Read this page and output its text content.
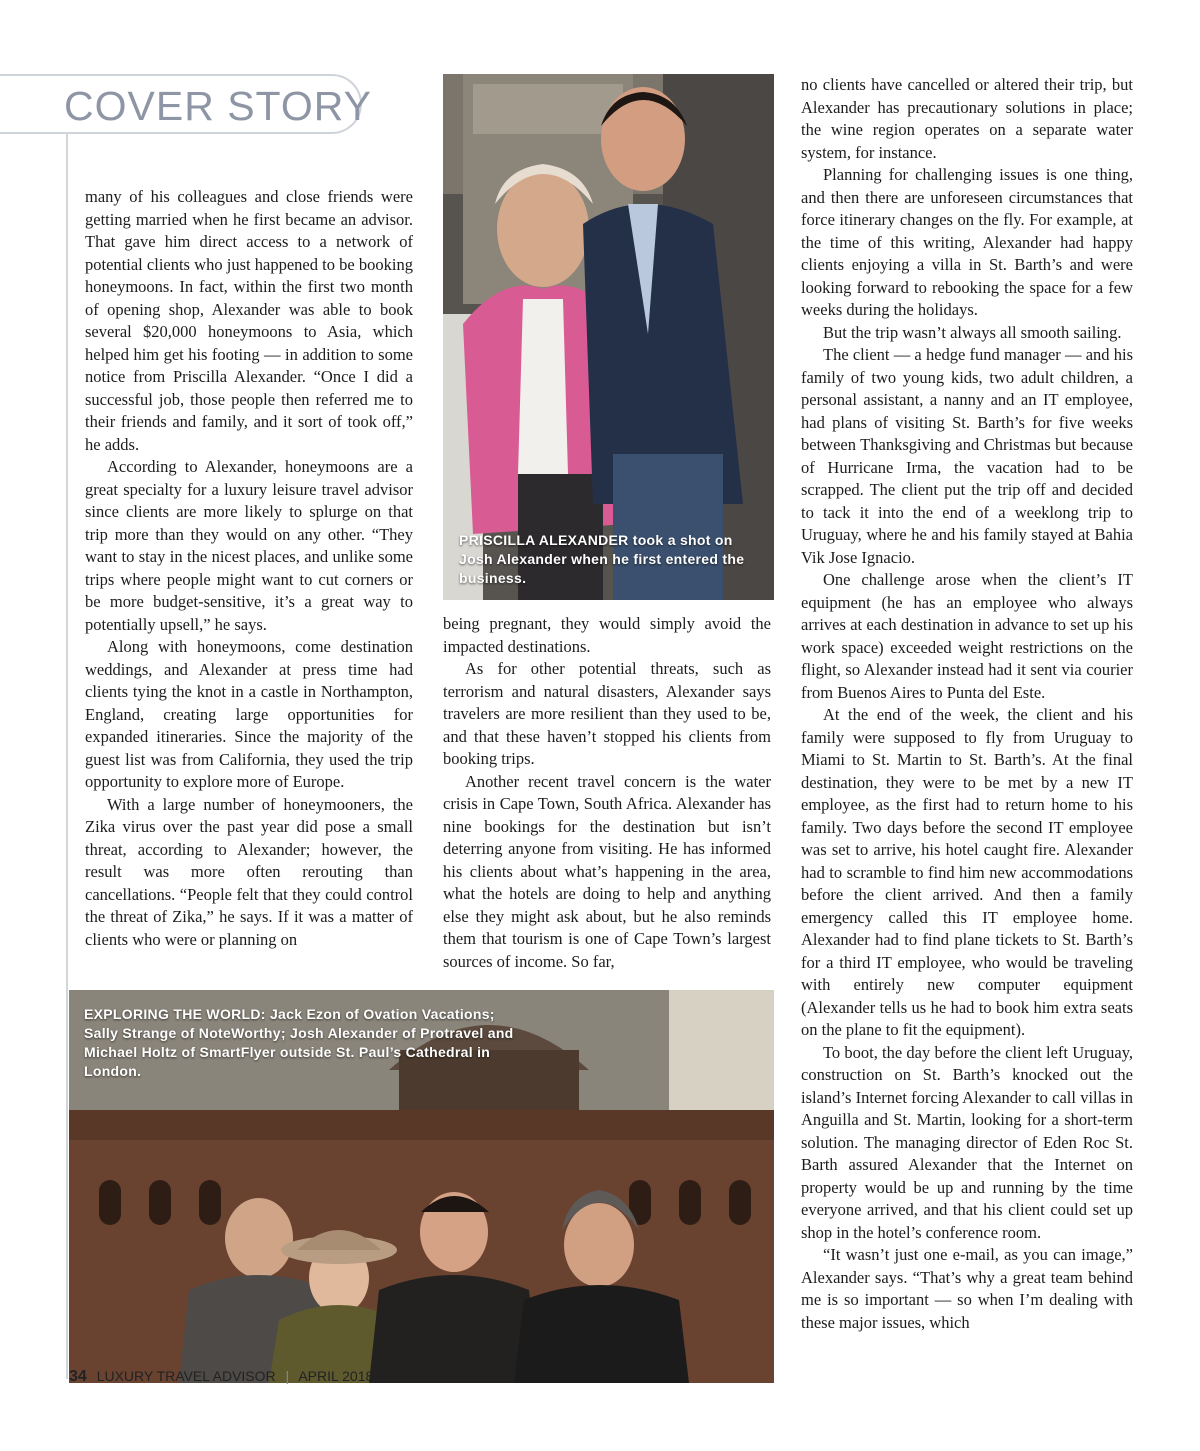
COVER STORY

many of his colleagues and close friends were getting married when he first became an advisor. That gave him direct access to a network of potential clients who just happened to be booking honeymoons. In fact, within the first two month of opening shop, Alexander was able to book several $20,000 honeymoons to Asia, which helped him get his footing — in addition to some notice from Priscilla Alexander. “Once I did a successful job, those people then referred me to their friends and family, and it sort of took off,” he adds.

According to Alexander, honeymoons are a great specialty for a luxury leisure travel advisor since clients are more likely to splurge on that trip more than they would on any other. “They want to stay in the nicest places, and unlike some trips where people might want to cut corners or be more budget-sensitive, it’s a great way to potentially upsell,” he says.

Along with honeymoons, come destination weddings, and Alexander at press time had clients tying the knot in a castle in Northampton, England, creating large opportunities for expanded itineraries. Since the majority of the guest list was from California, they used the trip opportunity to explore more of Europe.

With a large number of honeymooners, the Zika virus over the past year did pose a small threat, according to Alexander; however, the result was more often rerouting than cancellations. “People felt that they could control the threat of Zika,” he says. If it was a matter of clients who were or planning on

PRISCILLA ALEXANDER took a shot on Josh Alexander when he first entered the business.

being pregnant, they would simply avoid the impacted destinations.

As for other potential threats, such as terrorism and natural disasters, Alexander says travelers are more resilient than they used to be, and that these haven’t stopped his clients from booking trips.

Another recent travel concern is the water crisis in Cape Town, South Africa. Alexander has nine bookings for the destination but isn’t deterring anyone from visiting. He has informed his clients about what’s happening in the area, what the hotels are doing to help and anything else they might ask about, but he also reminds them that tourism is one of Cape Town’s largest sources of income. So far,

no clients have cancelled or altered their trip, but Alexander has precautionary solutions in place; the wine region operates on a separate water system, for instance.

Planning for challenging issues is one thing, and then there are unforeseen circumstances that force itinerary changes on the fly. For example, at the time of this writing, Alexander had happy clients enjoying a villa in St. Barth’s and were looking forward to rebooking the space for a few weeks during the holidays.

But the trip wasn’t always all smooth sailing.

The client — a hedge fund manager — and his family of two young kids, two adult children, a personal assistant, a nanny and an IT employee, had plans of visiting St. Barth’s for five weeks between Thanksgiving and Christmas but because of Hurricane Irma, the vacation had to be scrapped. The client put the trip off and decided to tack it into the end of a weeklong trip to Uruguay, where he and his family stayed at Bahia Vik Jose Ignacio.

One challenge arose when the client’s IT equipment (he has an employee who always arrives at each destination in advance to set up his work space) exceeded weight restrictions on the flight, so Alexander instead had it sent via courier from Buenos Aires to Punta del Este.

At the end of the week, the client and his family were supposed to fly from Uruguay to Miami to St. Martin to St. Barth’s. At the final destination, they were to be met by a new IT employee, as the first had to return home to his family. Two days before the second IT employee was set to arrive, his hotel caught fire. Alexander had to scramble to find him new accommodations before the client arrived. And then a family emergency called this IT employee home. Alexander had to find plane tickets to St. Barth’s for a third IT employee, who would be traveling with entirely new computer equipment (Alexander tells us he had to book him extra seats on the plane to fit the equipment).

To boot, the day before the client left Uruguay, construction on St. Barth’s knocked out the island’s Internet forcing Alexander to call villas in Anguilla and St. Martin, looking for a short-term solution. The managing director of Eden Roc St. Barth assured Alexander that the Internet on property would be up and running by the time everyone arrived, and that his client could set up shop in the hotel’s conference room.

“It wasn’t just one e-mail, as you can image,” Alexander says. “That’s why a great team behind me is so important — so when I’m dealing with these major issues, which

EXPLORING THE WORLD: Jack Ezon of Ovation Vacations; Sally Strange of NoteWorthy; Josh Alexander of Protravel and Michael Holtz of SmartFlyer outside St. Paul’s Cathedral in London.
34 LUXURY TRAVEL ADVISOR | APRIL 2018
